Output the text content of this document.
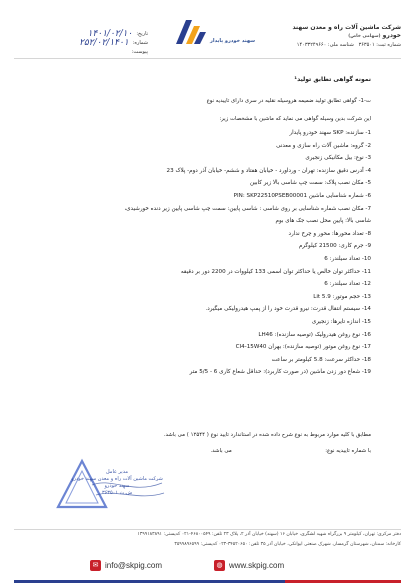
تاریخ:
۱۴۰۱/۰۲/۱۰
شماره:
۲۵۲/۰۲/۱۴۰۱
پیوست:
سهند خودرو پایدار
شرکت ماشین آلات راه و معدن سهند خودرو (سهامی خاص)
شماره ثبت: ۳۶۳۵۰۱   شناسه ملی: ۱۴۰۳۳۲۴۹۶۶۰
نمونه گواهی تطابق تولید¹
ت-1- گواهی تطابق تولید ضمیمه هروسیله نقلیه در سری دارای تاییدیه نوع
این شرکت بدین وسیله گواهی می نماید که ماشین با مشخصات زیر:
1- سازنده: SKP سهند خودرو پایدار
2- گروه: ماشین آلات راه سازی و معدنی
3- نوع: بیل مکانیکی زنجیری
4- آدرس دقیق سازنده: تهران - ورداورد - خیابان هفتاد و ششم- خیابان آذر دوم- پلاک 23
5- مکان نصب پلاک: سمت چپ شاسی بالا زیر کابین
6- شماره شناسایی ماشین PIN: SKP22510PSEB00001
7- مکان نصب شماره شناسایی بر روی شاسی : شاسی پایین: سمت چپ شاسی پایین زیر دنده خورشیدی،
شاسی بالا: پایین محل نصب جک های بوم
8- تعداد محورها: محور و چرخ ندارد
9- جرم کاری: 21500 کیلوگرم
10- تعداد سیلندر: 6
11- حداکثر توان خالص یا حداکثر توان اسمی 133 کیلووات در 2200 دور بر دقیقه
12- تعداد سیلندر: 6
13- حجم موتور: 5.9 Lit
14- سیستم انتقال قدرت: نیرو قدرت خود را از پمپ هیدرولیکی میگیرد.
15- اندازه تایرها: زنجیری
16- نوع روغن هیدرولیک (توصیه سازنده): LH46
17- نوع روغن موتور (توصیه سازنده): بهران CI4-15W40
18- حداکثر سرعت: 5.8 کیلومتر بر ساعت
19- شعاع دور زدن ماشین (در صورت کاربرد): حداقل شعاع کاری 6 - 5/5 متر
مطابق با کلیه موارد مربوط به نوع شرح داده شده در استاندارد تایید نوع ( ۱۲۵۴۴ ) می باشد.
با شماره تاییدیه نوع:  می باشد.
مدیر عامل
شرکت ماشین آلات راه و معدن سهند خودرو
سهند خودرو
ش.ث ۳۶۳۵۰۱
دفتر مرکزی: تهران، کیلومتر ۹ بزرگراه شهید لشگری، خیابان ۱۶ (سهند) خیابان آذر ۲، پلاک ۲۳ تلفن: ۴۶۸۰۰۵۴۹-۰۲۱ کدپستی: ۱۳۹۹۱۸۳۸۹۱
کارخانه: سمنان، شهرستان گرمسار، شهرک صنعتی ایوانکی، خیابان آذر ۳۵ تلفن: ۳۴۵۲۰۶۵۰-۰۲۳ کدپستی: ۳۵۹۹۸۹۶۵۹۹
✉ info@skpig.com	◍ www.skpig.com
